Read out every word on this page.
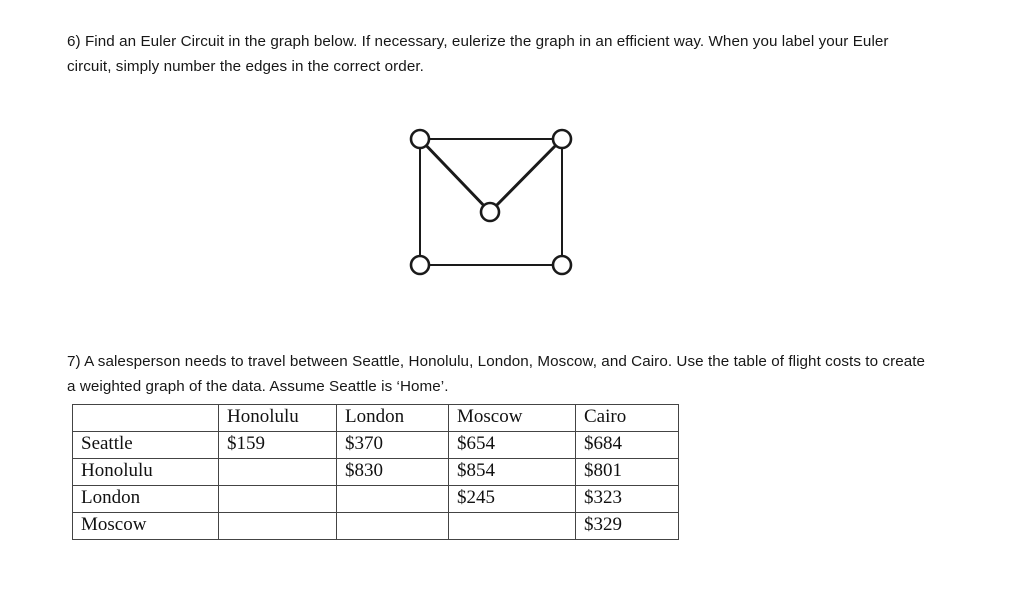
6) Find an Euler Circuit in the graph below. If necessary, eulerize the graph in an efficient way. When you label your Euler circuit, simply number the edges in the correct order.
7) A salesperson needs to travel between Seattle, Honolulu, London, Moscow, and Cairo. Use the table of flight costs to create a weighted graph of the data. Assume Seattle is ‘Home’.
	Honolulu	London	Moscow	Cairo
Seattle	$159	$370	$654	$684
Honolulu		$830	$854	$801
London			$245	$323
Moscow				$329
